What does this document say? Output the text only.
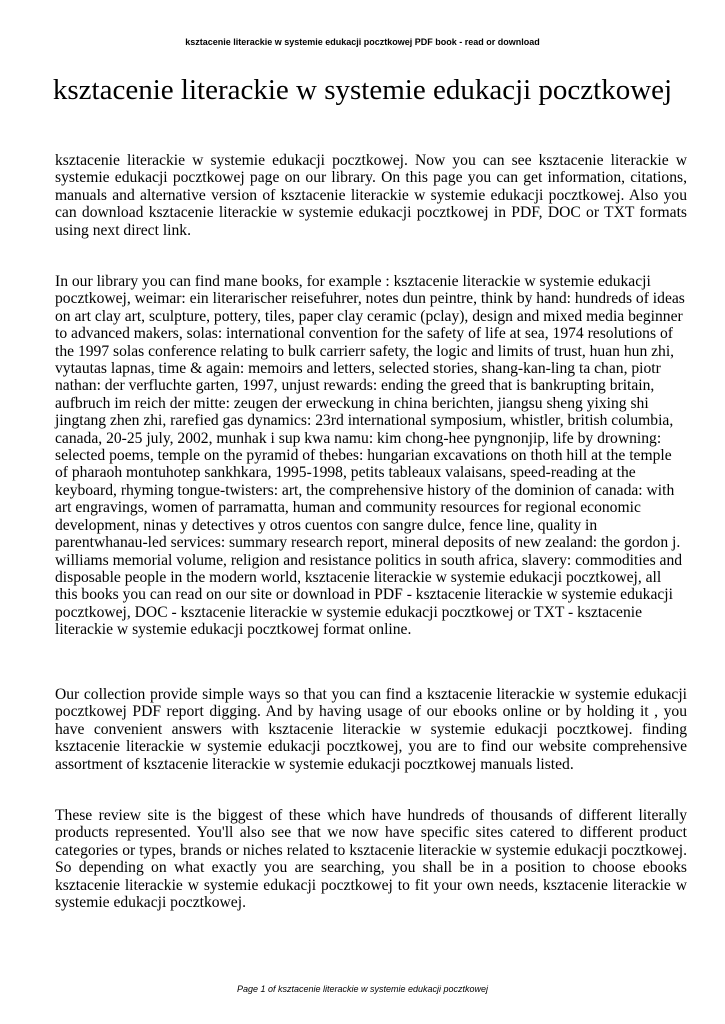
ksztacenie literackie w systemie edukacji pocztkowej PDF book - read or download
ksztacenie literackie w systemie edukacji pocztkowej

ksztacenie literackie w systemie edukacji pocztkowej. Now you can see ksztacenie literackie w systemie edukacji pocztkowej page on our library. On this page you can get information, citations, manuals and alternative version of ksztacenie literackie w systemie edukacji pocztkowej. Also you can download ksztacenie literackie w systemie edukacji pocztkowej in PDF, DOC or TXT formats using next direct link.

In our library you can find mane books, for example : ksztacenie literackie w systemie edukacji pocztkowej, weimar: ein literarischer reisefuhrer, notes dun peintre, think by hand: hundreds of ideas on art clay art, sculpture, pottery, tiles, paper clay ceramic (pclay), design and mixed media beginner to advanced makers, solas: international convention for the safety of life at sea, 1974 resolutions of the 1997 solas conference relating to bulk carrierr safety, the logic and limits of trust, huan hun zhi, vytautas lapnas, time & again: memoirs and letters, selected stories, shang-kan-ling ta chan, piotr nathan: der verfluchte garten, 1997, unjust rewards: ending the greed that is bankrupting britain, aufbruch im reich der mitte: zeugen der erweckung in china berichten, jiangsu sheng yixing shi jingtang zhen zhi, rarefied gas dynamics: 23rd international symposium, whistler, british columbia, canada, 20-25 july, 2002, munhak i sup kwa namu: kim chong-hee pyngnonjip, life by drowning: selected poems, temple on the pyramid of thebes: hungarian excavations on thoth hill at the temple of pharaoh montuhotep sankhkara, 1995-1998, petits tableaux valaisans, speed-reading at the keyboard, rhyming tongue-twisters: art, the comprehensive history of the dominion of canada: with art engravings, women of parramatta, human and community resources for regional economic development, ninas y detectives y otros cuentos con sangre dulce, fence line, quality in parentwhanau-led services: summary research report, mineral deposits of new zealand: the gordon j. williams memorial volume, religion and resistance politics in south africa, slavery: commodities and disposable people in the modern world, ksztacenie literackie w systemie edukacji pocztkowej, all this books you can read on our site or download in PDF - ksztacenie literackie w systemie edukacji pocztkowej, DOC - ksztacenie literackie w systemie edukacji pocztkowej or TXT - ksztacenie literackie w systemie edukacji pocztkowej format online.

Our collection provide simple ways so that you can find a ksztacenie literackie w systemie edukacji pocztkowej PDF report digging. And by having usage of our ebooks online or by holding it , you have convenient answers with ksztacenie literackie w systemie edukacji pocztkowej. finding ksztacenie literackie w systemie edukacji pocztkowej, you are to find our website comprehensive assortment of ksztacenie literackie w systemie edukacji pocztkowej manuals listed.

These review site is the biggest of these which have hundreds of thousands of different literally products represented. You'll also see that we now have specific sites catered to different product categories or types, brands or niches related to ksztacenie literackie w systemie edukacji pocztkowej. So depending on what exactly you are searching, you shall be in a position to choose ebooks ksztacenie literackie w systemie edukacji pocztkowej to fit your own needs, ksztacenie literackie w systemie edukacji pocztkowej.

Page 1 of ksztacenie literackie w systemie edukacji pocztkowej
